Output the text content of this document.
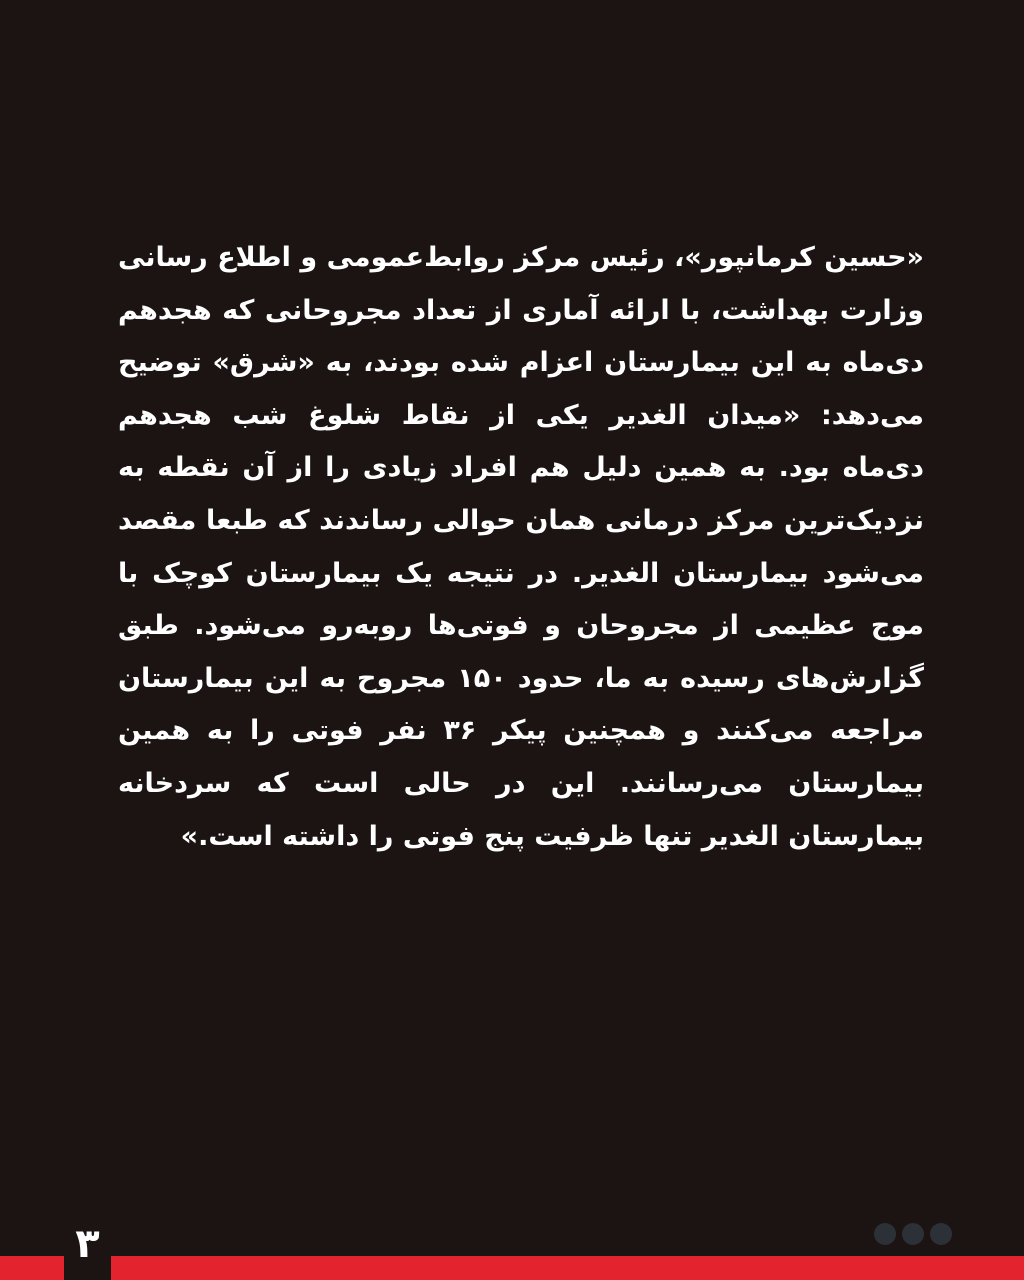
«حسین کرمانپور»، رئیس مرکز روابط‌عمومی و اطلاع رسانی وزارت بهداشت، با ارائه آماری از تعداد مجروحانی که هجدهم دی‌ماه به این بیمارستان اعزام شده بودند، به «شرق» توضیح می‌دهد: «میدان الغدیر یکی از نقاط شلوغ شب هجدهم دی‌ماه بود. به همین دلیل هم افراد زیادی را از آن نقطه به نزدیک‌ترین مرکز درمانی همان حوالی رساندند که طبعا مقصد می‌شود بیمارستان الغدیر. در نتیجه یک بیمارستان کوچک با موج عظیمی از مجروحان و فوتی‌ها روبه‌رو می‌شود. طبق گزارش‌های رسیده به ما، حدود ۱۵۰ مجروح به این بیمارستان مراجعه می‌کنند و همچنین پیکر ۳۶ نفر فوتی را به همین بیمارستان می‌رسانند. این در حالی است که سردخانه بیمارستان الغدیر تنها ظرفیت پنج فوتی را داشته است.»

۳
